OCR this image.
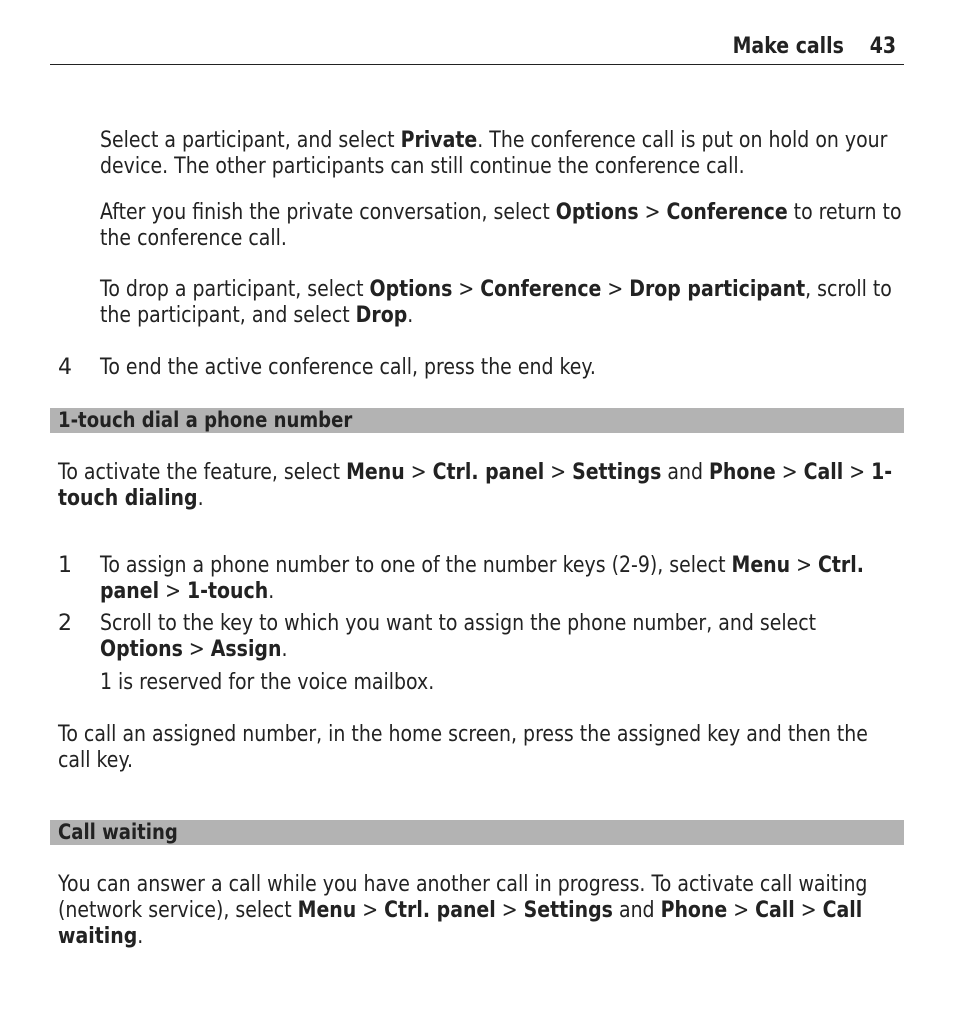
Make calls 43
Select a participant, and select Private. The conference call is put on hold on your device. The other participants can still continue the conference call.
After you finish the private conversation, select Options > Conference to return to the conference call.
To drop a participant, select Options > Conference > Drop participant, scroll to the participant, and select Drop.
4 To end the active conference call, press the end key.
1-touch dial a phone number
To activate the feature, select Menu > Ctrl. panel > Settings and Phone > Call > 1-touch dialing.
1 To assign a phone number to one of the number keys (2-9), select Menu > Ctrl. panel > 1-touch.
2 Scroll to the key to which you want to assign the phone number, and select Options > Assign.
1 is reserved for the voice mailbox.
To call an assigned number, in the home screen, press the assigned key and then the call key.
Call waiting
You can answer a call while you have another call in progress. To activate call waiting (network service), select Menu > Ctrl. panel > Settings and Phone > Call > Call waiting.
